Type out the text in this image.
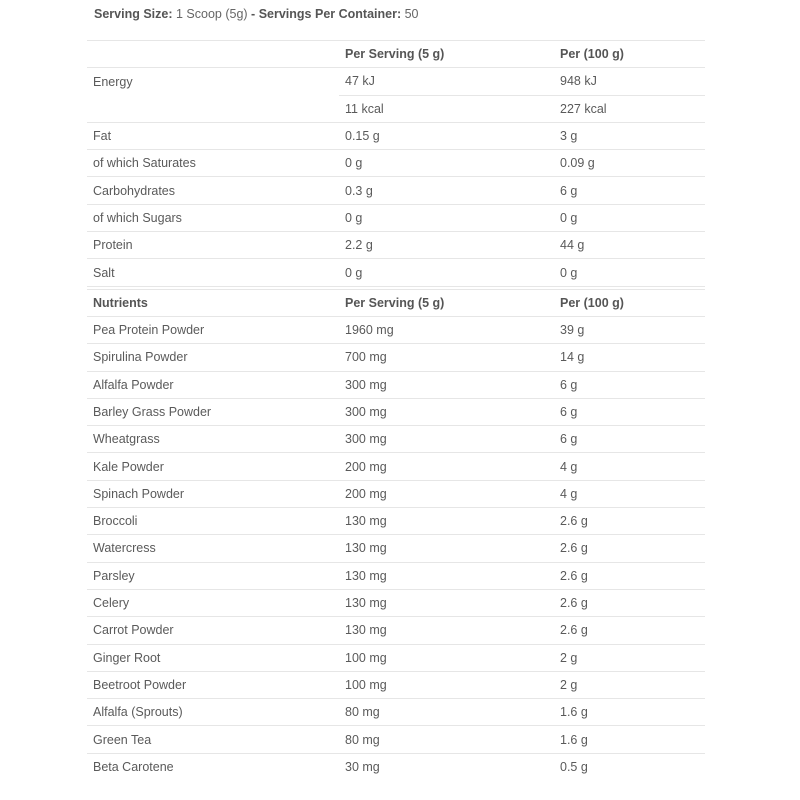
Serving Size: 1 Scoop (5g) - Servings Per Container: 50
	Per Serving (5 g)	Per (100 g)
Energy	47 kJ	948 kJ
	11 kcal	227 kcal
Fat	0.15 g	3 g
of which Saturates	0 g	0.09 g
Carbohydrates	0.3 g	6 g
of which Sugars	0 g	0 g
Protein	2.2 g	44 g
Salt	0 g	0 g
Nutrients	Per Serving (5 g)	Per (100 g)
Pea Protein Powder	1960 mg	39 g
Spirulina Powder	700 mg	14 g
Alfalfa Powder	300 mg	6 g
Barley Grass Powder	300 mg	6 g
Wheatgrass	300 mg	6 g
Kale Powder	200 mg	4 g
Spinach Powder	200 mg	4 g
Broccoli	130 mg	2.6 g
Watercress	130 mg	2.6 g
Parsley	130 mg	2.6 g
Celery	130 mg	2.6 g
Carrot Powder	130 mg	2.6 g
Ginger Root	100 mg	2 g
Beetroot Powder	100 mg	2 g
Alfalfa (Sprouts)	80 mg	1.6 g
Green Tea	80 mg	1.6 g
Beta Carotene	30 mg	0.5 g
